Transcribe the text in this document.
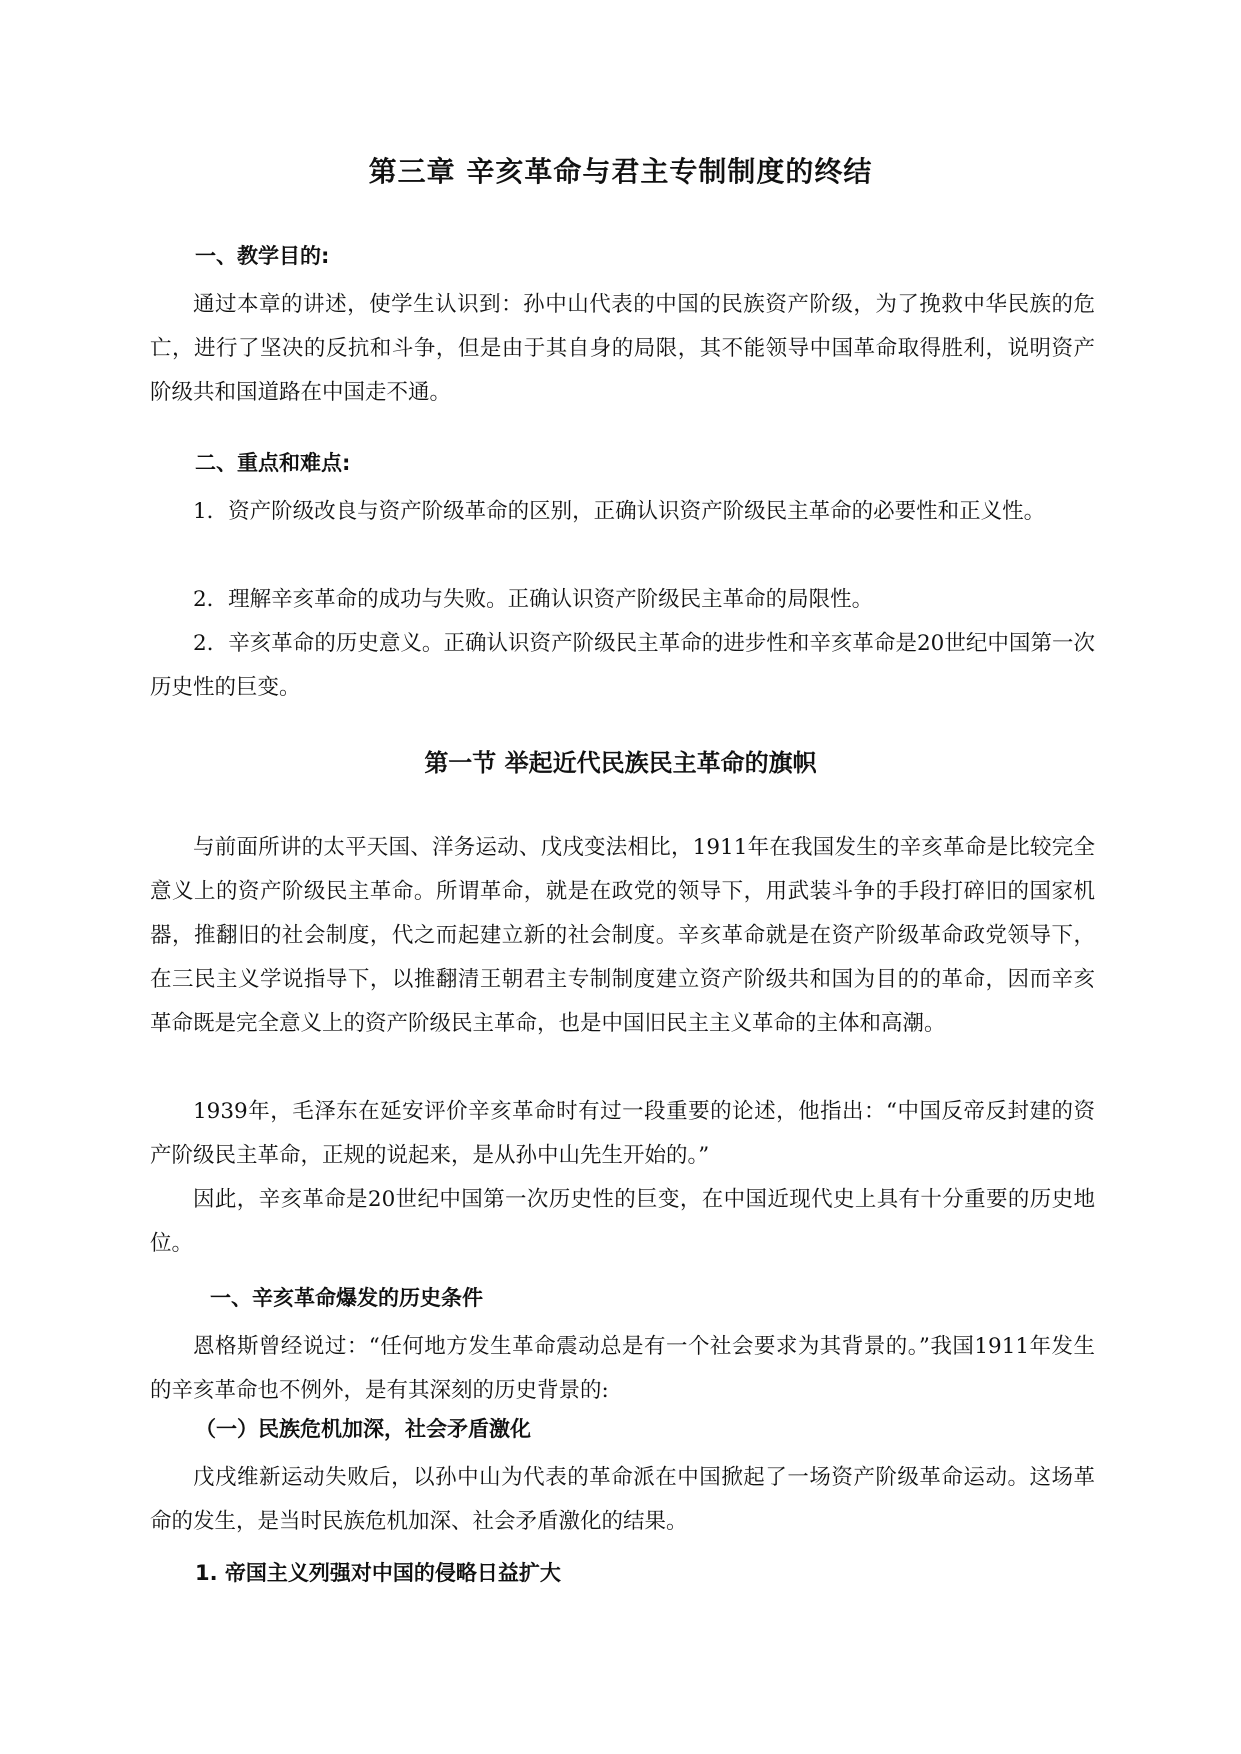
第三章 辛亥革命与君主专制制度的终结
一、教学目的:

通过本章的讲述，使学生认识到：孙中山代表的中国的民族资产阶级，为了挽救中华民族的危亡，进行了坚决的反抗和斗争，但是由于其自身的局限，其不能领导中国革命取得胜利，说明资产阶级共和国道路在中国走不通。

二、重点和难点:

1．资产阶级改良与资产阶级革命的区别，正确认识资产阶级民主革命的必要性和正义性。

2．理解辛亥革命的成功与失败。正确认识资产阶级民主革命的局限性。

2．辛亥革命的历史意义。正确认识资产阶级民主革命的进步性和辛亥革命是20世纪中国第一次历史性的巨变。

第一节 举起近代民族民主革命的旗帜

与前面所讲的太平天国、洋务运动、戊戌变法相比，1911年在我国发生的辛亥革命是比较完全意义上的资产阶级民主革命。所谓革命，就是在政党的领导下，用武装斗争的手段打碎旧的国家机器，推翻旧的社会制度，代之而起建立新的社会制度。辛亥革命就是在资产阶级革命政党领导下，在三民主义学说指导下，以推翻清王朝君主专制制度建立资产阶级共和国为目的的革命，因而辛亥革命既是完全意义上的资产阶级民主革命，也是中国旧民主主义革命的主体和高潮。

1939年，毛泽东在延安评价辛亥革命时有过一段重要的论述，他指出：“中国反帝反封建的资产阶级民主革命，正规的说起来，是从孙中山先生开始的。”

因此，辛亥革命是20世纪中国第一次历史性的巨变，在中国近现代史上具有十分重要的历史地位。

一、辛亥革命爆发的历史条件

恩格斯曾经说过：“任何地方发生革命震动总是有一个社会要求为其背景的。”我国1911年发生的辛亥革命也不例外，是有其深刻的历史背景的:

（一）民族危机加深，社会矛盾激化

戊戌维新运动失败后，以孙中山为代表的革命派在中国掀起了一场资产阶级革命运动。这场革命的发生，是当时民族危机加深、社会矛盾激化的结果。

1. 帝国主义列强对中国的侵略日益扩大
